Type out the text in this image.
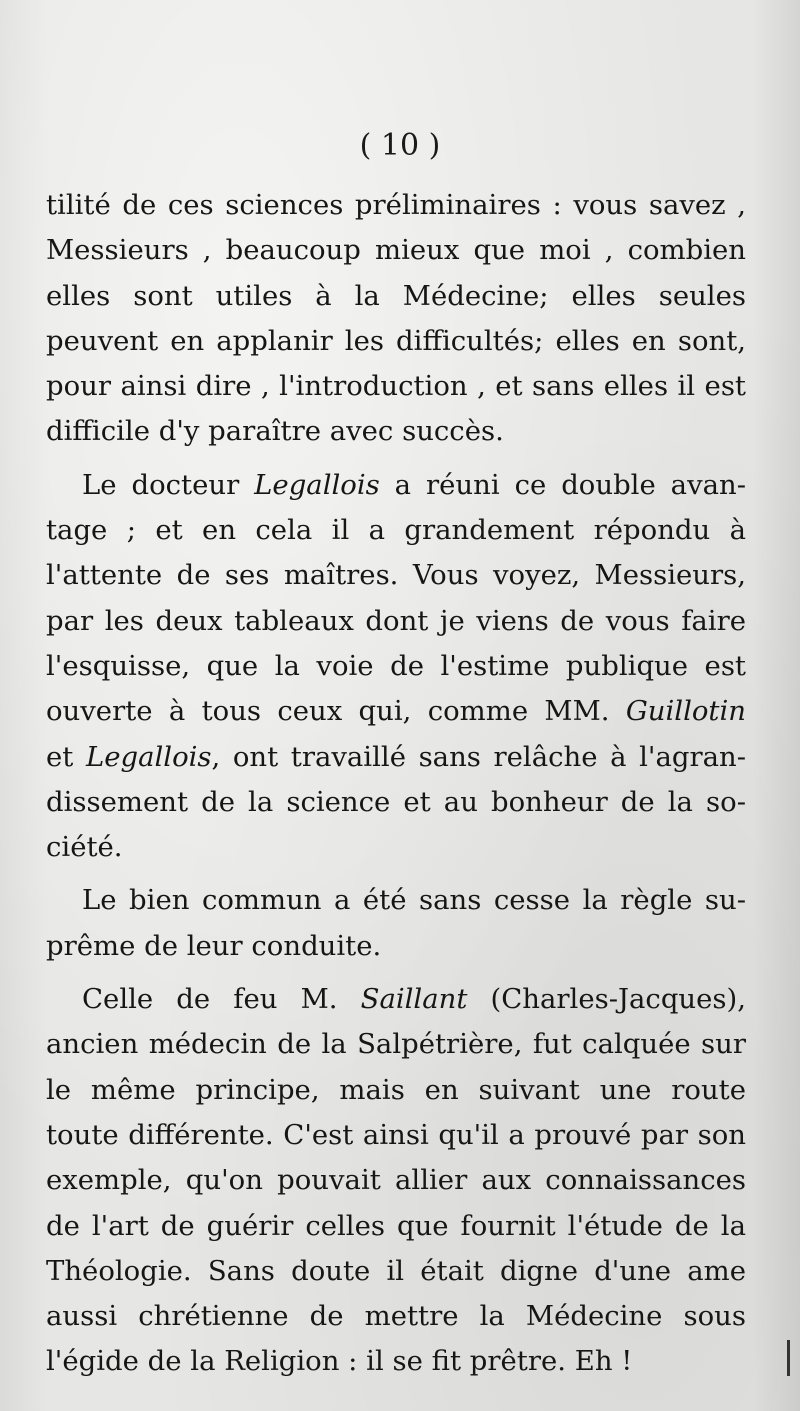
( 10 )
tilité de ces sciences préliminaires : vous savez ,
Messieurs , beaucoup mieux que moi , combien
elles sont utiles à la Médecine; elles seules
peuvent en applanir les difficultés; elles en sont,
pour ainsi dire , l'introduction , et sans elles il est
difficile d'y paraître avec succès.
Le docteur Legallois a réuni ce double avan-
tage ; et en cela il a grandement répondu à
l'attente de ses maîtres. Vous voyez, Messieurs,
par les deux tableaux dont je viens de vous faire
l'esquisse, que la voie de l'estime publique est
ouverte à tous ceux qui, comme MM. Guillotin
et Legallois, ont travaillé sans relâche à l'agran-
dissement de la science et au bonheur de la so-
ciété.
Le bien commun a été sans cesse la règle su-
prême de leur conduite.
Celle de feu M. Saillant (Charles-Jacques),
ancien médecin de la Salpétrière, fut calquée sur
le même principe, mais en suivant une route
toute différente. C'est ainsi qu'il a prouvé par son
exemple, qu'on pouvait allier aux connaissances
de l'art de guérir celles que fournit l'étude de la
Théologie. Sans doute il était digne d'une ame
aussi chrétienne de mettre la Médecine sous
l'égide de la Religion : il se fit prêtre. Eh !
